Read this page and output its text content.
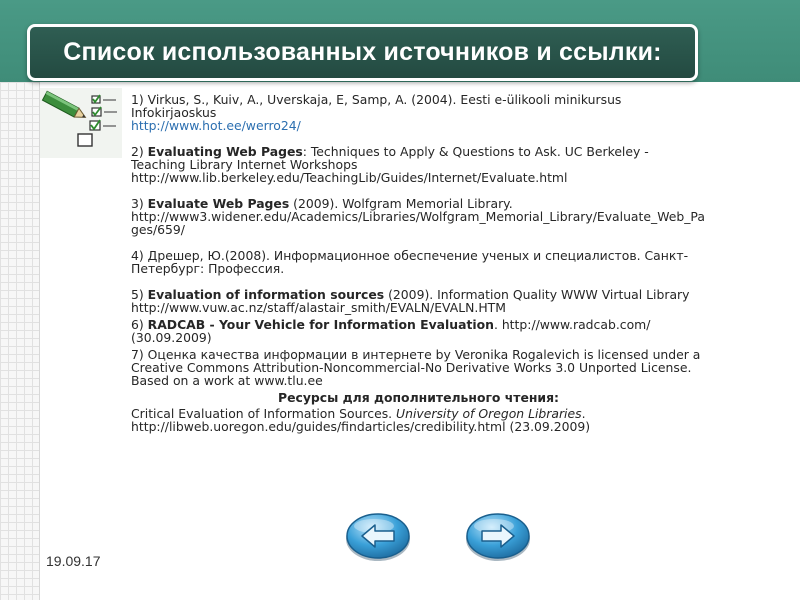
Список использованных источников и ссылки:
1) Virkus, S., Kuiv, A., Uverskaja, E, Samp, A. (2004). Eesti e-ülikooli minikursus Infokirjaoskus
http://www.hot.ee/werro24/
2) Evaluating Web Pages: Techniques to Apply & Questions to Ask. UC Berkeley - Teaching Library Internet Workshops
http://www.lib.berkeley.edu/TeachingLib/Guides/Internet/Evaluate.html
3) Evaluate Web Pages (2009). Wolfgram Memorial Library.
http://www3.widener.edu/Academics/Libraries/Wolfgram_Memorial_Library/Evaluate_Web_Pages/659/
4) Дрешер, Ю.(2008). Информационное обеспечение ученых и специалистов. Санкт-Петербург: Профессия.
5) Evaluation of information sources (2009). Information Quality WWW Virtual Library
http://www.vuw.ac.nz/staff/alastair_smith/EVALN/EVALN.HTM
6) RADCAB - Your Vehicle for Information Evaluation. http://www.radcab.com/ (30.09.2009)
7) Оценка качества информации в интернете by Veronika Rogalevich is licensed under a Creative Commons Attribution-Noncommercial-No Derivative Works 3.0 Unported License.
Based on a work at www.tlu.ee
Ресурсы для дополнительного чтения:
Critical Evaluation of Information Sources. University of Oregon Libraries.
http://libweb.uoregon.edu/guides/findarticles/credibility.html (23.09.2009)
19.09.17
